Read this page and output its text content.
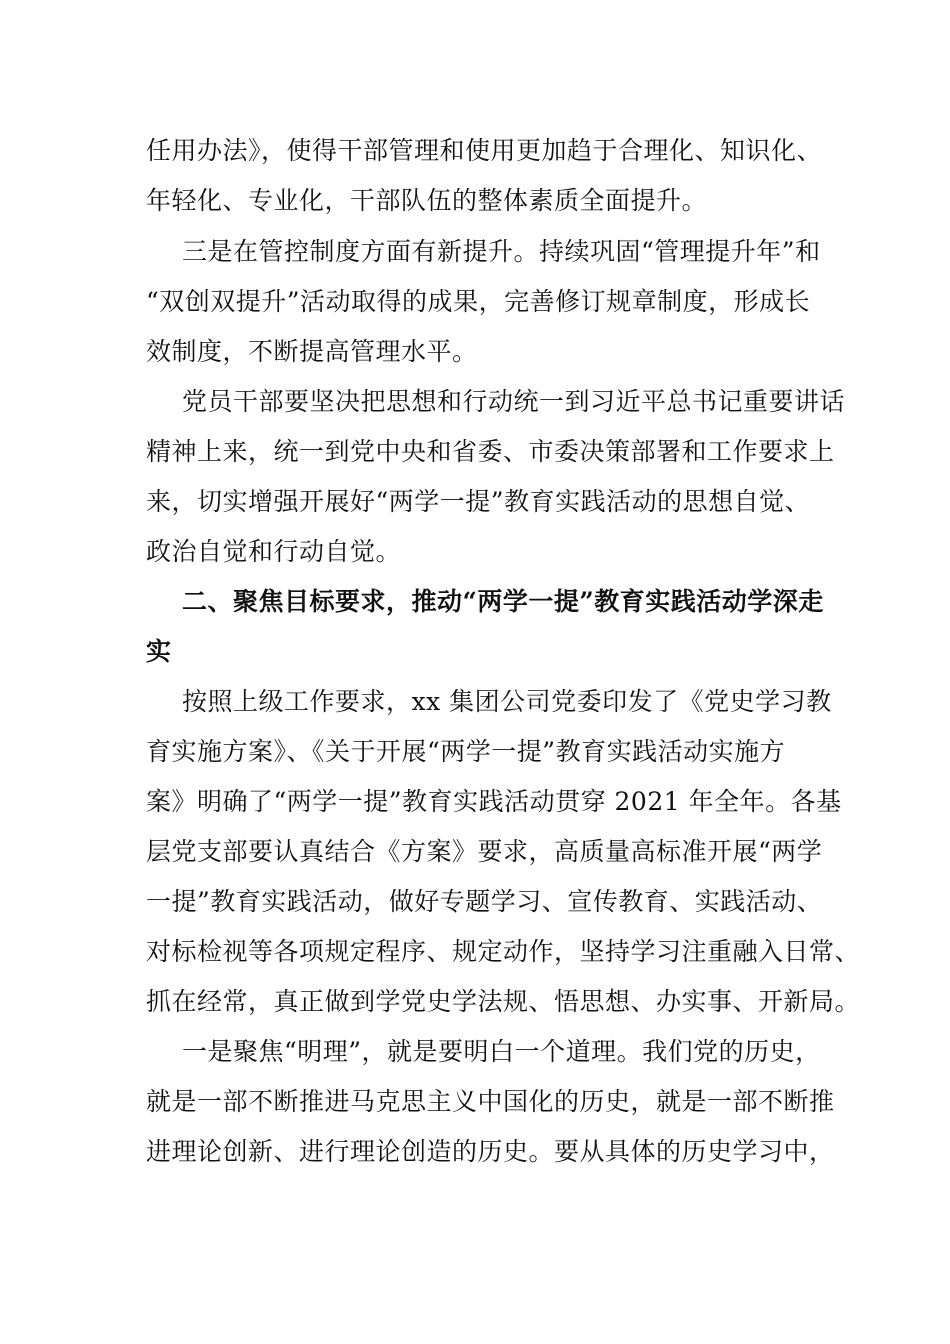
任用办法》，使得干部管理和使用更加趋于合理化、知识化、
年轻化、专业化，干部队伍的整体素质全面提升。
三是在管控制度方面有新提升。持续巩固“管理提升年”和
“双创双提升”活动取得的成果，完善修订规章制度，形成长
效制度，不断提高管理水平。
党员干部要坚决把思想和行动统一到习近平总书记重要讲话
精神上来，统一到党中央和省委、市委决策部署和工作要求上
来，切实增强开展好“两学一提”教育实践活动的思想自觉、
政治自觉和行动自觉。
二、聚焦目标要求，推动“两学一提”教育实践活动学深走
实
按照上级工作要求，xx 集团公司党委印发了《党史学习教
育实施方案》、《关于开展“两学一提”教育实践活动实施方
案》明确了“两学一提”教育实践活动贯穿 2021 年全年。各基
层党支部要认真结合《方案》要求，高质量高标准开展“两学
一提”教育实践活动，做好专题学习、宣传教育、实践活动、
对标检视等各项规定程序、规定动作，坚持学习注重融入日常、
抓在经常，真正做到学党史学法规、悟思想、办实事、开新局。
一是聚焦“明理”，就是要明白一个道理。我们党的历史，
就是一部不断推进马克思主义中国化的历史，就是一部不断推
进理论创新、进行理论创造的历史。要从具体的历史学习中，
